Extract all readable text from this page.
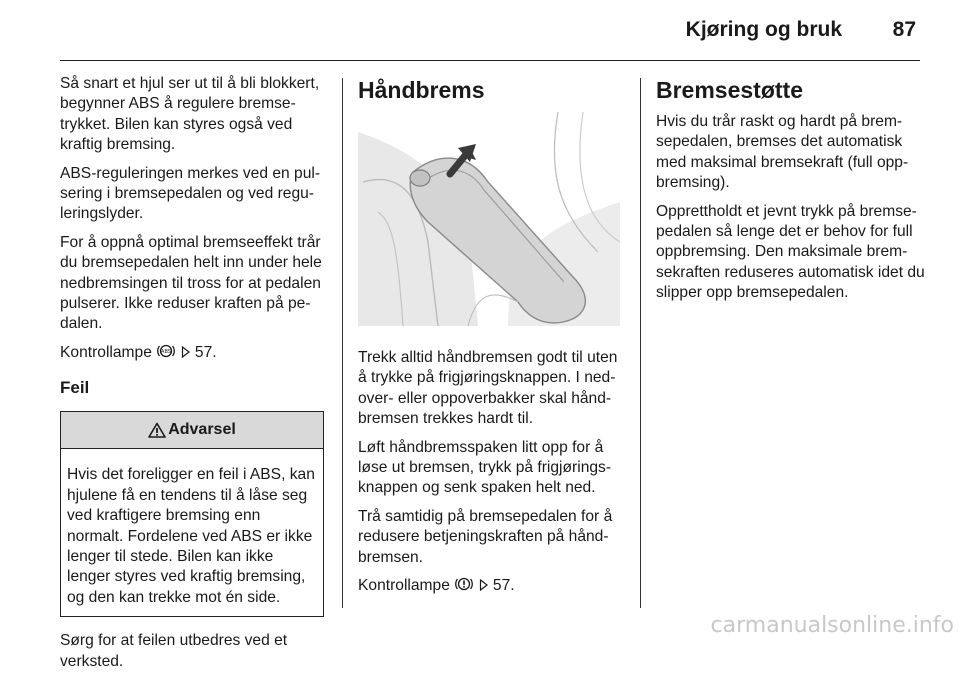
Kjøring og bruk 87

Så snart et hjul ser ut til å bli blokkert, begynner ABS å regulere bremse-trykket. Bilen kan styres også ved kraftig bremsing.

ABS-reguleringen merkes ved en pul-sering i bremsepedalen og ved regu-leringslyder.

For å oppnå optimal bremseeffekt trår du bremsepedalen helt inn under hele nedbremsingen til tross for at pedalen pulserer. Ikke reduser kraften på pe-dalen.

Kontrollampe ABS 57.

Feil
Advarsel
Hvis det foreligger en feil i ABS, kan hjulene få en tendens til å låse seg ved kraftigere bremsing enn normalt. Fordelene ved ABS er ikke lenger til stede. Bilen kan ikke lenger styres ved kraftig bremsing, og den kan trekke mot én side.

Sørg for at feilen utbedres ved et verksted.

Håndbrems

Trekk alltid håndbremsen godt til uten å trykke på frigjøringsknappen. I ned-over- eller oppoverbakker skal hånd-bremsen trekkes hardt til.

Løft håndbremsspaken litt opp for å løse ut bremsen, trykk på frigjørings-knappen og senk spaken helt ned.

Trå samtidig på bremsepedalen for å redusere betjeningskraften på hånd-bremsen.

Kontrollampe	57.

Bremsestøtte

Hvis du trår raskt og hardt på brem-sepedalen, bremses det automatisk med maksimal bremsekraft (full opp-bremsing).

Opprettholdt et jevnt trykk på bremse-pedalen så lenge det er behov for full oppbremsing. Den maksimale brem-sekraften reduseres automatisk idet du slipper opp bremsepedalen.

carmanualsonline.info
